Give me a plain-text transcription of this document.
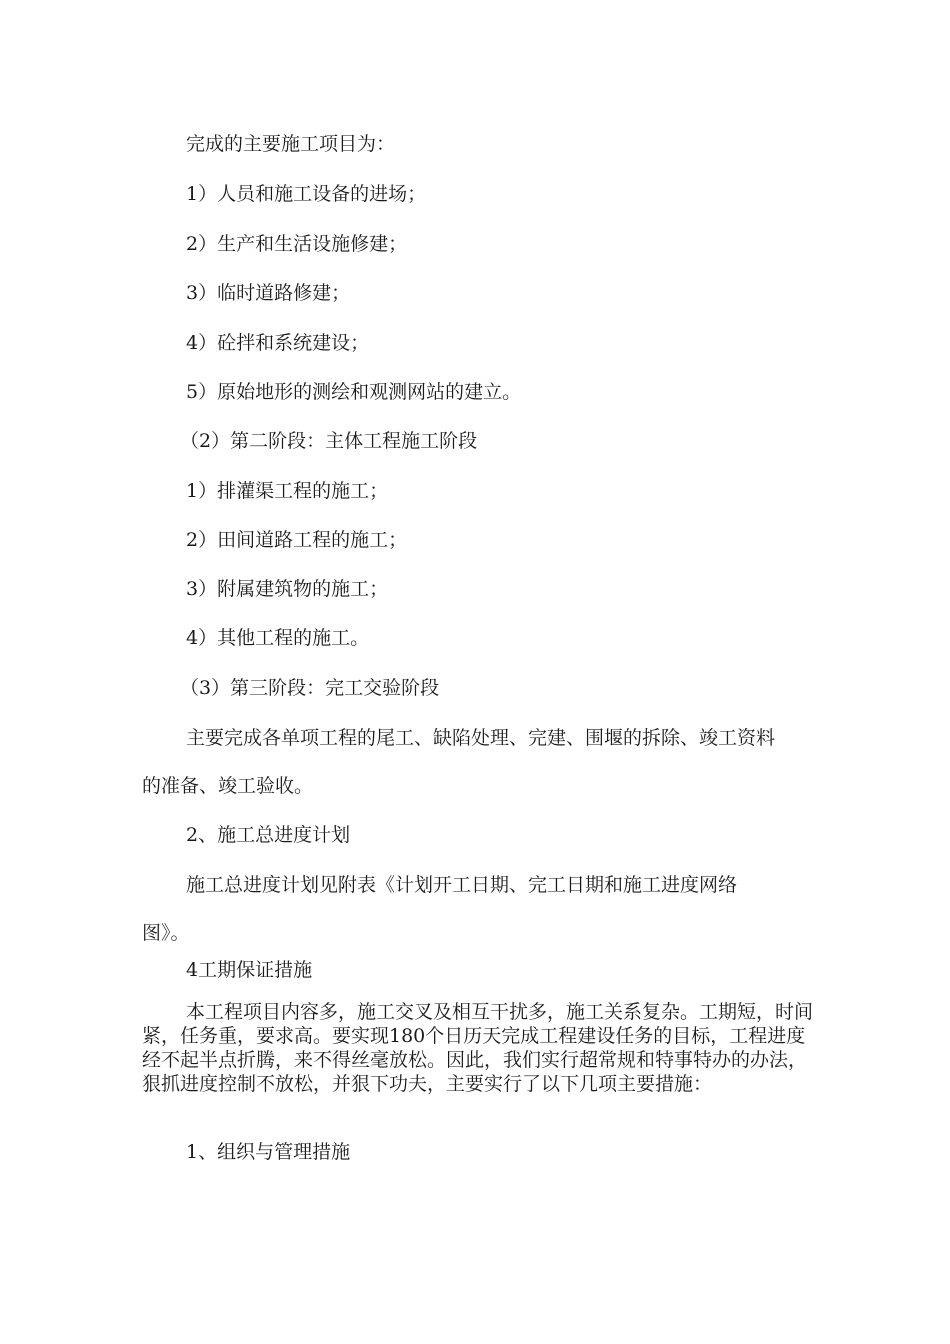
完成的主要施工项目为：
1）人员和施工设备的进场；
2）生产和生活设施修建；
3）临时道路修建；
4）砼拌和系统建设；
5）原始地形的测绘和观测网站的建立。
（2）第二阶段：主体工程施工阶段
1）排灌渠工程的施工；
2）田间道路工程的施工；
3）附属建筑物的施工；
4）其他工程的施工。
（3）第三阶段：完工交验阶段
主要完成各单项工程的尾工、缺陷处理、完建、围堰的拆除、竣工资料
的准备、竣工验收。
2、施工总进度计划
施工总进度计划见附表《计划开工日期、完工日期和施工进度网络
图》。
4工期保证措施
本工程项目内容多，施工交叉及相互干扰多，施工关系复杂。工期短，时间紧，任务重，要求高。要实现180个日历天完成工程建设任务的目标，工程进度经不起半点折腾，来不得丝毫放松。因此，我们实行超常规和特事特办的办法，狠抓进度控制不放松，并狠下功夫，主要实行了以下几项主要措施：
1、组织与管理措施
